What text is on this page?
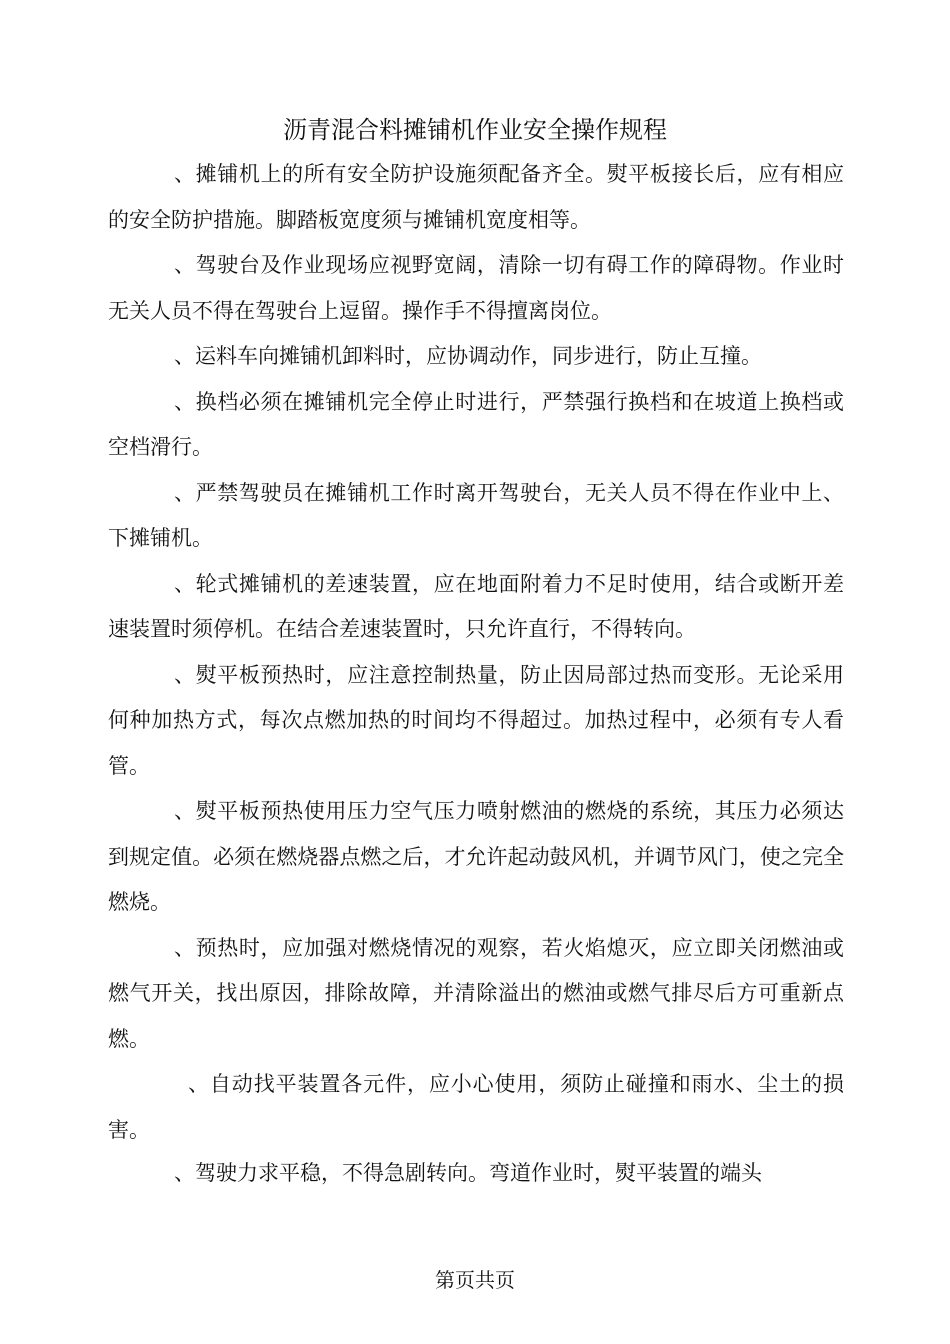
沥青混合料摊铺机作业安全操作规程

、摊铺机上的所有安全防护设施须配备齐全。熨平板接长后，应有相应的安全防护措施。脚踏板宽度须与摊铺机宽度相等。

、驾驶台及作业现场应视野宽阔，清除一切有碍工作的障碍物。作业时无关人员不得在驾驶台上逗留。操作手不得擅离岗位。

、运料车向摊铺机卸料时，应协调动作，同步进行，防止互撞。

、换档必须在摊铺机完全停止时进行，严禁强行换档和在坡道上换档或空档滑行。

、严禁驾驶员在摊铺机工作时离开驾驶台，无关人员不得在作业中上、下摊铺机。

、轮式摊铺机的差速装置，应在地面附着力不足时使用，结合或断开差速装置时须停机。在结合差速装置时，只允许直行，不得转向。

、熨平板预热时，应注意控制热量，防止因局部过热而变形。无论采用何种加热方式，每次点燃加热的时间均不得超过。加热过程中，必须有专人看管。

、熨平板预热使用压力空气压力喷射燃油的燃烧的系统，其压力必须达到规定值。必须在燃烧器点燃之后，才允许起动鼓风机，并调节风门，使之完全燃烧。

、预热时，应加强对燃烧情况的观察，若火焰熄灭，应立即关闭燃油或燃气开关，找出原因，排除故障，并清除溢出的燃油或燃气排尽后方可重新点燃。

、自动找平装置各元件，应小心使用，须防止碰撞和雨水、尘土的损害。

、驾驶力求平稳，不得急剧转向。弯道作业时，熨平装置的端头

第页共页
